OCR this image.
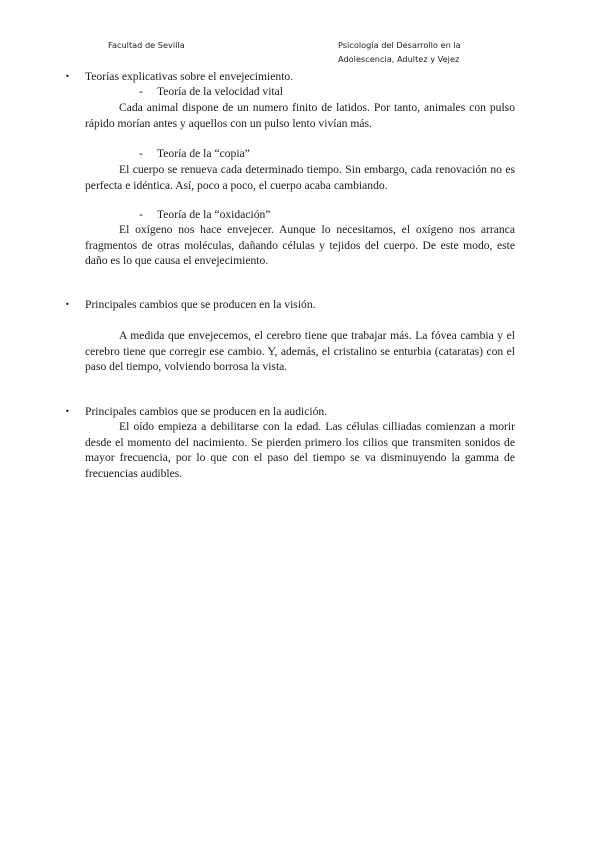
Facultad de Sevilla	Psicología del Desarrollo en la
Adolescencia, Adultez y Vejez
• Teorías explicativas sobre el envejecimiento.
- Teoría de la velocidad vital
Cada animal dispone de un numero finito de latidos. Por tanto, animales con pulso rápido morían antes y aquellos con un pulso lento vivían más.
- Teoría de la “copia”
El cuerpo se renueva cada determinado tiempo. Sin embargo, cada renovación no es perfecta e idéntica. Así, poco a poco, el cuerpo acaba cambiando.
- Teoría de la “oxidación”
El oxígeno nos hace envejecer. Aunque lo necesitamos, el oxígeno nos arranca fragmentos de otras moléculas, dañando células y tejidos del cuerpo. De este modo, este daño es lo que causa el envejecimiento.
• Principales cambios que se producen en la visión.
A medida que envejecemos, el cerebro tiene que trabajar más. La fóvea cambia y el cerebro tiene que corregir ese cambio. Y, además, el cristalino se enturbia (cataratas) con el paso del tiempo, volviendo borrosa la vista.
• Principales cambios que se producen en la audición.
El oído empieza a debilitarse con la edad. Las células cilliadas comienzan a morir desde el momento del nacimiento. Se pierden primero los cilios que transmiten sonidos de mayor frecuencia, por lo que con el paso del tiempo se va disminuyendo la gamma de frecuencias audibles.
